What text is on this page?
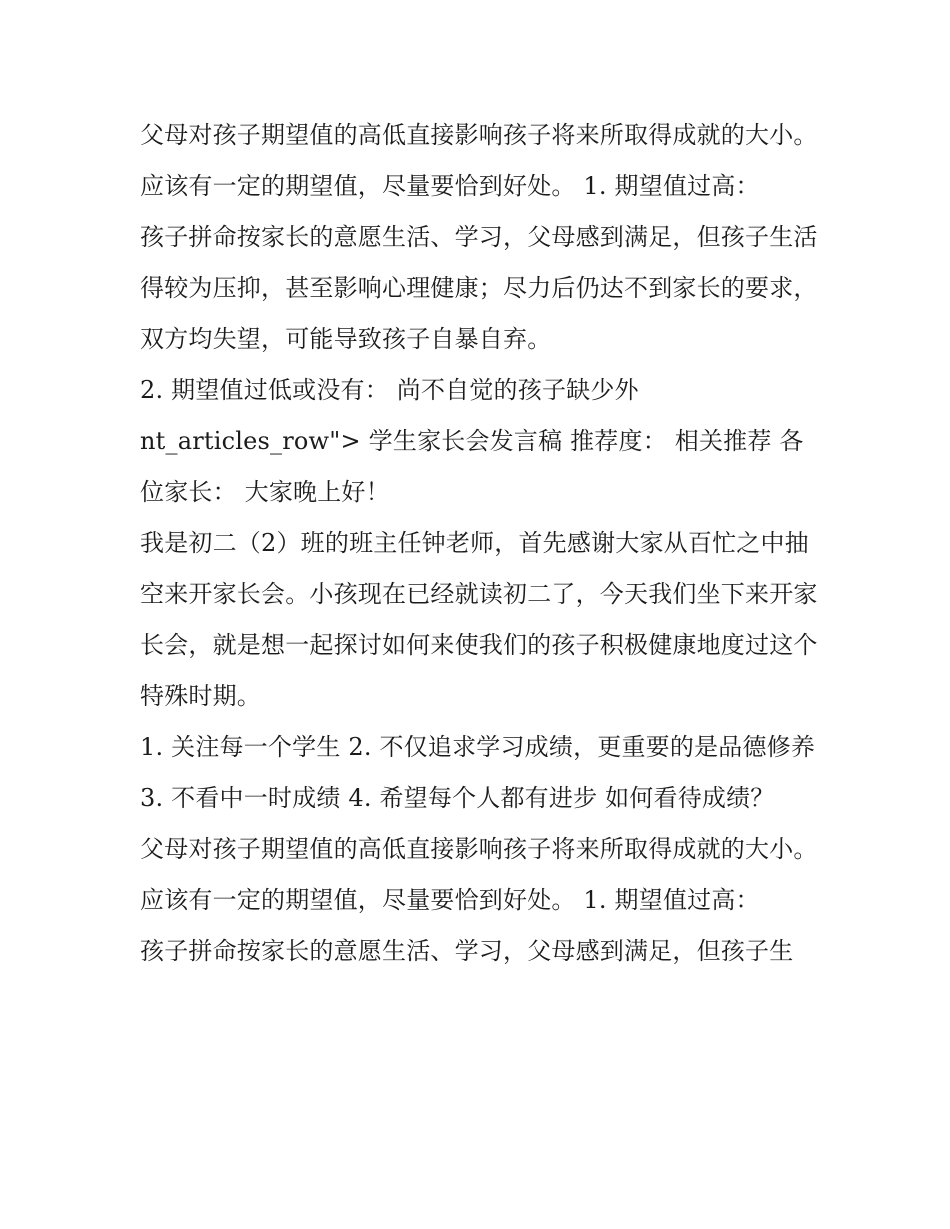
父母对孩子期望值的高低直接影响孩子将来所取得成就的大小。应该有一定的期望值，尽量要恰到好处。 1. 期望值过高：

孩子拼命按家长的意愿生活、学习，父母感到满足，但孩子生活得较为压抑，甚至影响心理健康；尽力后仍达不到家长的要求，双方均失望，可能导致孩子自暴自弃。

2. 期望值过低或没有： 尚不自觉的孩子缺少外

nt_articles_row"> 学生家长会发言稿 推荐度： 相关推荐 各位家长： 大家晚上好！

我是初二（2）班的班主任钟老师，首先感谢大家从百忙之中抽空来开家长会。小孩现在已经就读初二了，今天我们坐下来开家长会，就是想一起探讨如何来使我们的孩子积极健康地度过这个特殊时期。

1. 关注每一个学生 2. 不仅追求学习成绩，更重要的是品德修养 3. 不看中一时成绩 4. 希望每个人都有进步 如何看待成绩？

父母对孩子期望值的高低直接影响孩子将来所取得成就的大小。应该有一定的期望值，尽量要恰到好处。 1. 期望值过高：

孩子拼命按家长的意愿生活、学习，父母感到满足，但孩子生
